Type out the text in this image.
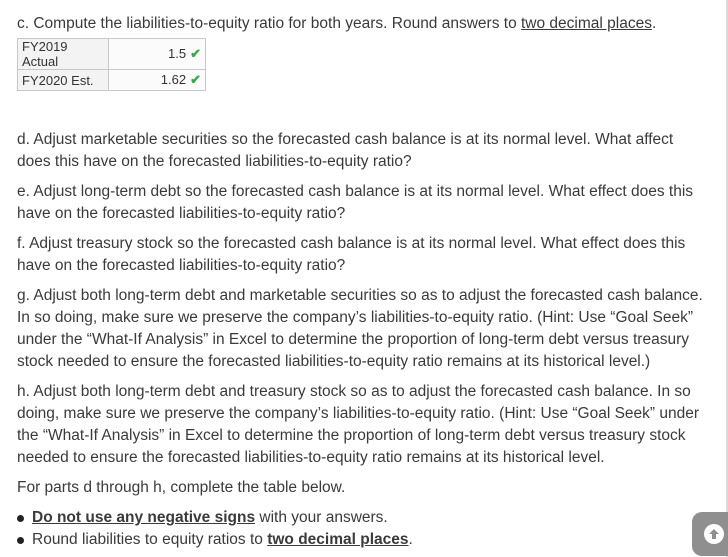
c. Compute the liabilities-to-equity ratio for both years. Round answers to two decimal places.

FY2019 Actual	1.5 ✔
FY2020 Est.	1.62 ✔

d. Adjust marketable securities so the forecasted cash balance is at its normal level. What affect does this have on the forecasted liabilities-to-equity ratio?

e. Adjust long-term debt so the forecasted cash balance is at its normal level. What effect does this have on the forecasted liabilities-to-equity ratio?

f. Adjust treasury stock so the forecasted cash balance is at its normal level. What effect does this have on the forecasted liabilities-to-equity ratio?

g. Adjust both long-term debt and marketable securities so as to adjust the forecasted cash balance. In so doing, make sure we preserve the company’s liabilities-to-equity ratio. (Hint: Use “Goal Seek” under the “What-If Analysis” in Excel to determine the proportion of long-term debt versus treasury stock needed to ensure the forecasted liabilities-to-equity ratio remains at its historical level.)

h. Adjust both long-term debt and treasury stock so as to adjust the forecasted cash balance. In so doing, make sure we preserve the company’s liabilities-to-equity ratio. (Hint: Use “Goal Seek” under the “What-If Analysis” in Excel to determine the proportion of long-term debt versus treasury stock needed to ensure the forecasted liabilities-to-equity ratio remains at its historical level.

For parts d through h, complete the table below.

Do not use any negative signs with your answers.
Round liabilities to equity ratios to two decimal places.
